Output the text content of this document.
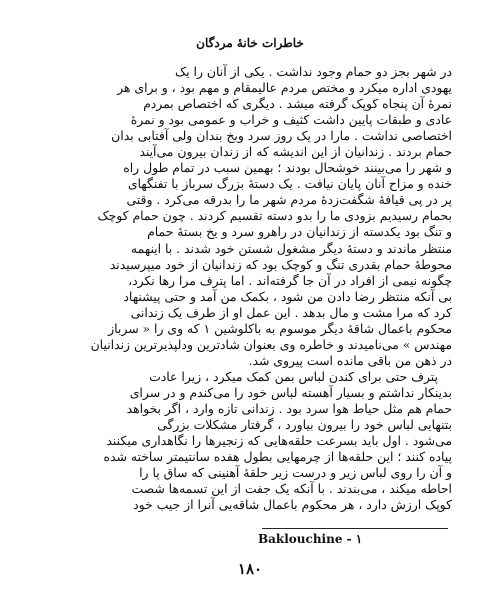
خاطرات خانهٔ مردگان
در شهر بجز دو حمام وجود نداشت . یکی از آنان را یک
یهودی اداره میکرد و مختص مردم عالیمقام و مهم بود ، و برای هر
نمرهٔ آن پنجاه کوپک گرفته میشد . دیگری که اختصاص بمردم
عادی و طبقات پایین داشت کثیف و خراب و عمومی بود و نمرهٔ
اختصاصی نداشت . مارا در یک روز سرد وبخ بندان ولی آفتابی بدان
حمام بردند . زندانیان از این اندیشه که از زندان بیرون می‌آیند
و شهر را می‌بینند خوشحال بودند ؛ بهمین سبب در تمام طول راه
خنده و مزاح آنان پایان نیافت . یک دستهٔ بزرگ سرباز با تفنگهای
پر در پی قیافهٔ شگفت‌زدهٔ مردم شهر ما را بدرقه می‌کرد . وقتی
بحمام رسیدیم بزودی ما را بدو دسته تقسیم کردند . چون حمام کوچک
و تنگ بود یکدسته از زندانیان در راهرو سرد و یخ بستهٔ حمام
منتظر ماندند و دستهٔ دیگر مشغول شستن خود شدند . با اینهمه
محوطهٔ حمام بقدری تنگ و کوچک بود که زندانیان از خود میپرسیدند
چگونه نیمی از افراد در آن جا گرفته‌اند . اما پترف مرا رها نکرد،
بی آنکه منتظر رضا دادن من شود ، بکمک من آمد و حتی پیشنهاد
کرد که مرا مشت و مال بدهد . این عمل او از طرف یک زندانی
محکوم باعمال شاقهٔ دیگر موسوم به باکلوشین ۱ که وی را « سرباز
مهندس » می‌نامیدند و خاطره وی بعنوان شادترین ودلپذیرترین زندانیان
در ذهن من باقی مانده است پیروی شد.
پترف حتی برای کندن لباس بمن کمک میکرد ، زیرا عادت
بدینکار نداشتم و بسیار آهسته لباس خود را می‌کندم و در سرای
حمام هم مثل حیاط هوا سرد بود . زندانی تازه وارد ، اگر بخواهد
بتنهایی لباس خود را بیرون بیاورد ، گرفتار مشکلات بزرگی
می‌شود . اول باید بسرعت حلقه‌هایی که زنجیرها را نگاهداری میکنند
پیاده کنند ؛ این حلقه‌ها از چرمهایی بطول هفده سانتیمتر ساخته شده
و آن را روی لباس زیر و درست زیر حلقهٔ آهنینی که ساق پا را
احاطه میکند ، می‌بندند . با آنکه یک جفت از این تسمه‌ها شصت
کوپک ارزش دارد ، هر محکوم باعمال شاقه‌یی آنرا از جیب خود
Baklouchine - ۱
۱۸۰
